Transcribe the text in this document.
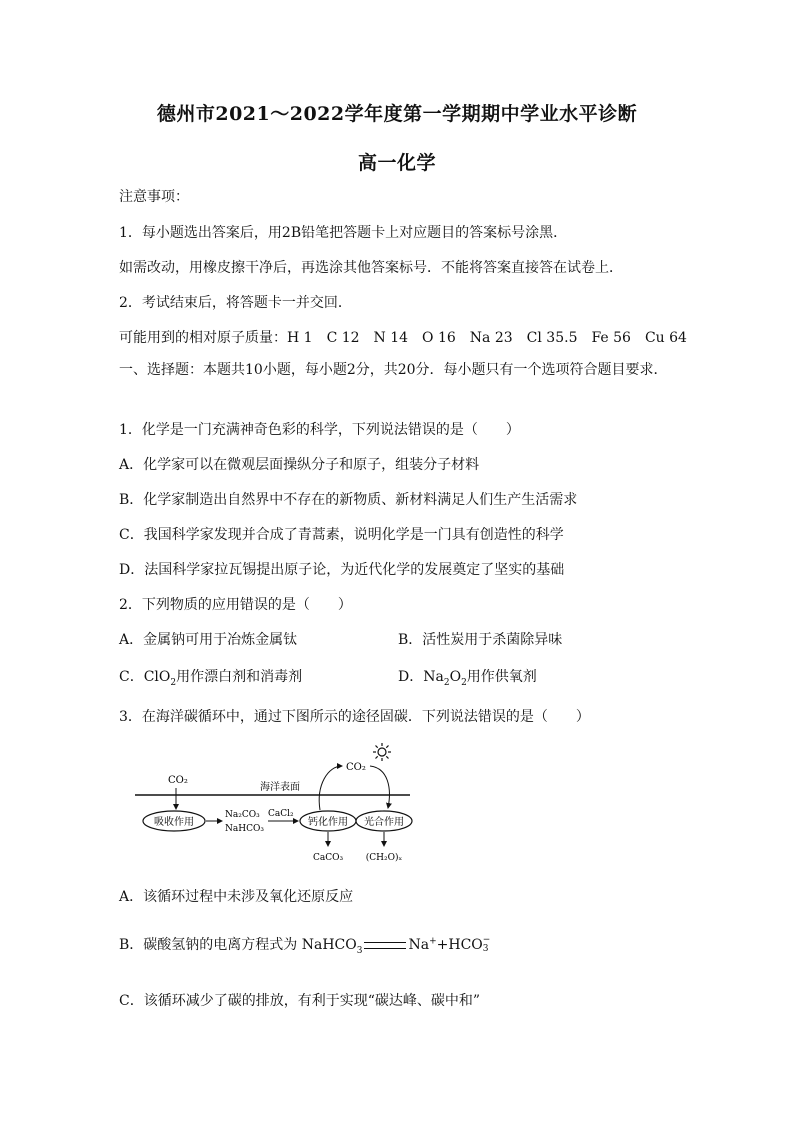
德州市2021～2022学年度第一学期期中学业水平诊断
高一化学
注意事项：
1．每小题选出答案后，用2B铅笔把答题卡上对应题目的答案标号涂黑．
如需改动，用橡皮擦干净后，再选涂其他答案标号．不能将答案直接答在试卷上．
2．考试结束后，将答题卡一并交回．
可能用到的相对原子质量：H 1　C 12　N 14　O 16　Na 23　Cl 35.5　Fe 56　Cu 64
一、选择题：本题共10小题，每小题2分，共20分．每小题只有一个选项符合题目要求．
1．化学是一门充满神奇色彩的科学，下列说法错误的是（　　）
A．化学家可以在微观层面操纵分子和原子，组装分子材料
B．化学家制造出自然界中不存在的新物质、新材料满足人们生产生活需求
C．我国科学家发现并合成了青蒿素，说明化学是一门具有创造性的科学
D．法国科学家拉瓦锡提出原子论，为近代化学的发展奠定了坚实的基础
2．下列物质的应用错误的是（　　）
A．金属钠可用于冶炼金属钛	B．活性炭用于杀菌除异味
C．ClO$_2$用作漂白剂和消毒剂	D．$Na_2O_2$用作供氧剂
3．在海洋碳循环中，通过下图所示的途径固碳．下列说法错误的是（　　）
海洋表面
CO₂
吸收作用
Na₂CO₃
NaHCO₃
CaCl₂
钙化作用 光合作用
CO₂
CaCO₃	(CH₂O)ₓ
A．该循环过程中未涉及氧化还原反应
B．碳酸氢钠的电离方程式为 NaHCO$_3$	Na++HCO −
3
C．该循环减少了碳的排放，有利于实现“碳达峰、碳中和”
